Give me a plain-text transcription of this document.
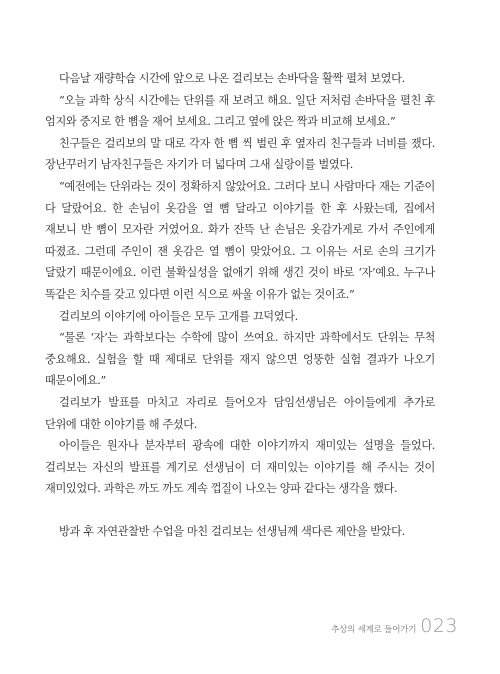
다음날 재량학습 시간에 앞으로 나온 걸리보는 손바닥을 활짝 펼쳐 보였다.

“오늘 과학 상식 시간에는 단위를 재 보려고 해요. 일단 저처럼 손바닥을 펼친 후 엄지와 중지로 한 뼘을 재어 보세요. 그리고 옆에 앉은 짝과 비교해 보세요.”

친구들은 걸리보의 말 대로 각자 한 뼘 씩 벌린 후 옆자리 친구들과 너비를 쟀다. 장난꾸러기 남자친구들은 자기가 더 넓다며 그새 실랑이를 벌였다.

“예전에는 단위라는 것이 정확하지 않았어요. 그러다 보니 사람마다 재는 기준이 다 달랐어요. 한 손님이 옷감을 열 뼘 달라고 이야기를 한 후 사왔는데, 집에서 재보니 반 뼘이 모자란 거였어요. 화가 잔뜩 난 손님은 옷감가게로 가서 주인에게 따졌죠. 그런데 주인이 잰 옷감은 열 뼘이 맞았어요. 그 이유는 서로 손의 크기가 달랐기 때문이에요. 이런 불확실성을 없애기 위해 생긴 것이 바로 ‘자’예요. 누구나 똑같은 치수를 갖고 있다면 이런 식으로 싸울 이유가 없는 것이죠.”

걸리보의 이야기에 아이들은 모두 고개를 끄덕였다.

“물론 ‘자’는 과학보다는 수학에 많이 쓰여요. 하지만 과학에서도 단위는 무척 중요해요. 실험을 할 때 제대로 단위를 재지 않으면 엉뚱한 실험 결과가 나오기 때문이에요.”

걸리보가 발표를 마치고 자리로 들어오자 담임선생님은 아이들에게 추가로 단위에 대한 이야기를 해 주셨다.

아이들은 원자나 분자부터 광속에 대한 이야기까지 재미있는 설명을 들었다. 걸리보는 자신의 발표를 계기로 선생님이 더 재미있는 이야기를 해 주시는 것이 재미있었다. 과학은 까도 까도 계속 껍질이 나오는 양파 같다는 생각을 했다.

방과 후 자연관찰반 수업을 마친 걸리보는 선생님께 색다른 제안을 받았다.

추상의 세계로 들어가기 023
